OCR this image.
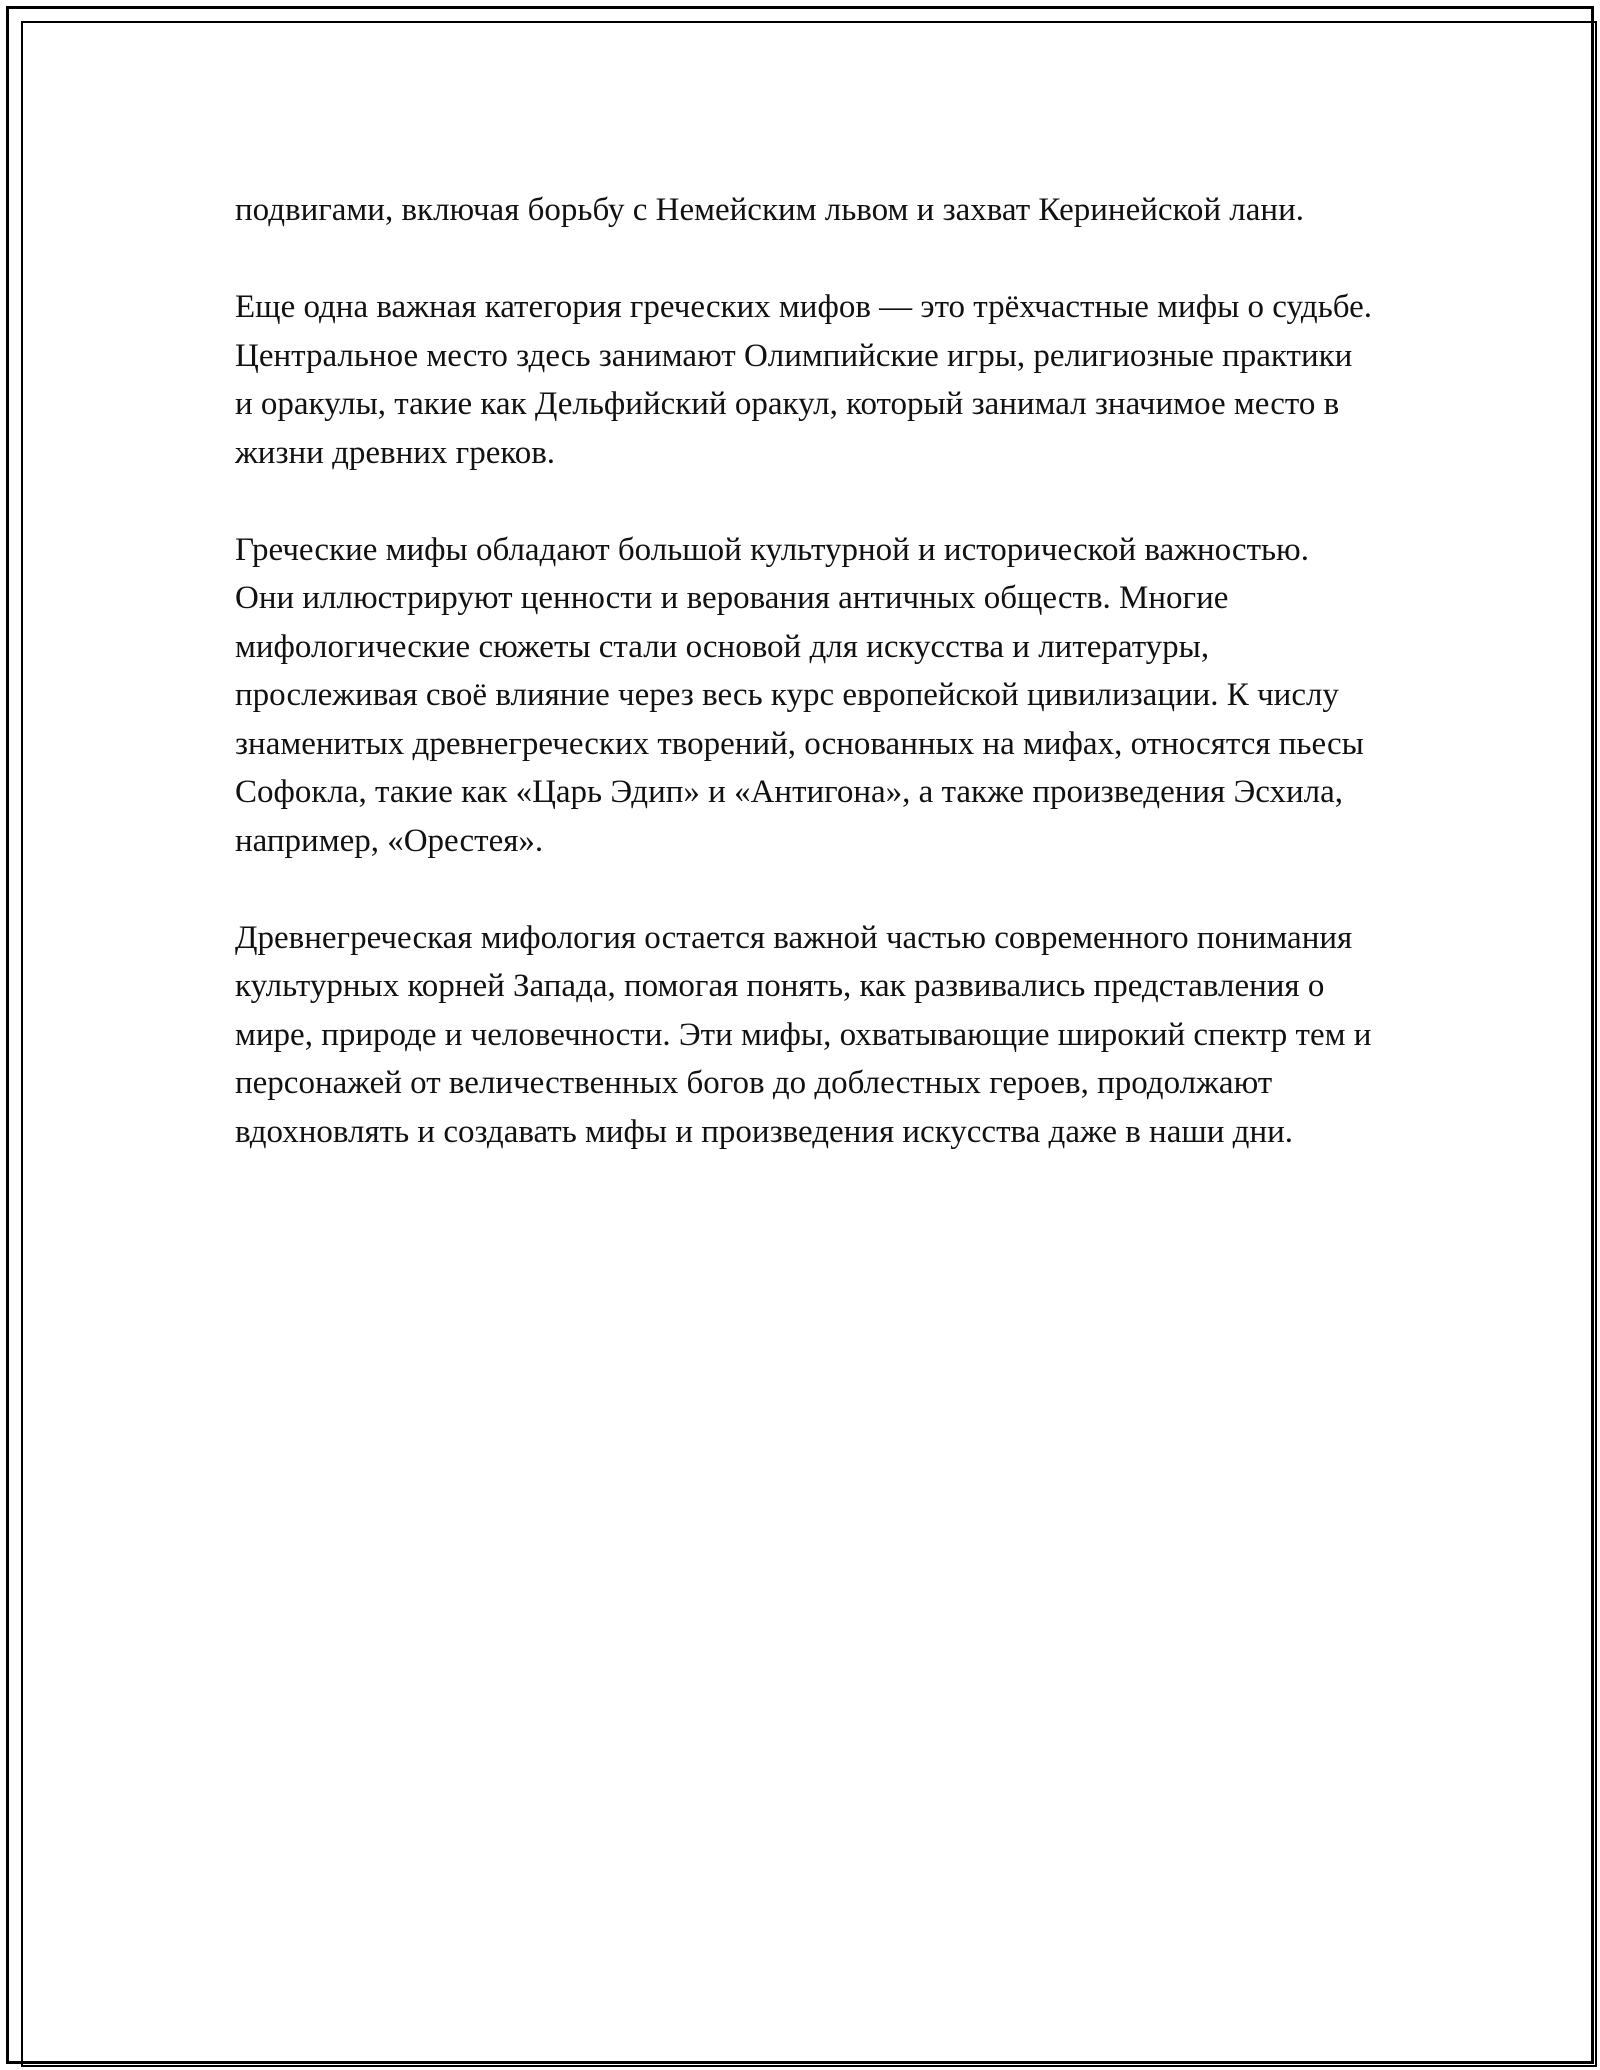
подвигами, включая борьбу с Немейским львом и захват Керинейской лани.

Еще одна важная категория греческих мифов — это трёхчастные мифы о судьбе. Центральное место здесь занимают Олимпийские игры, религиозные практики и оракулы, такие как Дельфийский оракул, который занимал значимое место в жизни древних греков.

Греческие мифы обладают большой культурной и исторической важностью. Они иллюстрируют ценности и верования античных обществ. Многие мифологические сюжеты стали основой для искусства и литературы, прослеживая своё влияние через весь курс европейской цивилизации. К числу знаменитых древнегреческих творений, основанных на мифах, относятся пьесы Софокла, такие как «Царь Эдип» и «Антигона», а также произведения Эсхила, например, «Орестея».

Древнегреческая мифология остается важной частью современного понимания культурных корней Запада, помогая понять, как развивались представления о мире, природе и человечности. Эти мифы, охватывающие широкий спектр тем и персонажей от величественных богов до доблестных героев, продолжают вдохновлять и создавать мифы и произведения искусства даже в наши дни.
